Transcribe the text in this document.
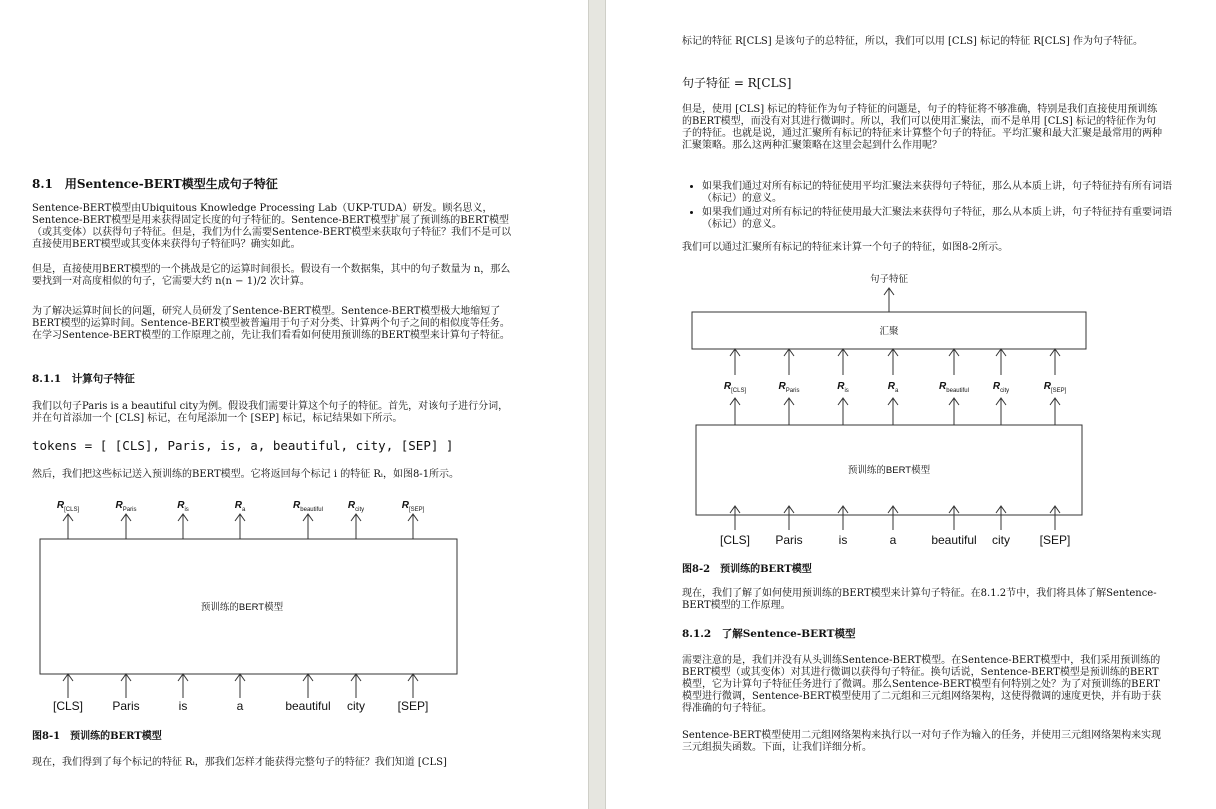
8.1　用Sentence-BERT模型生成句子特征

Sentence-BERT模型由Ubiquitous Knowledge Processing Lab（UKP-TUDA）研发。顾名思义，Sentence-BERT模型是用来获得固定长度的句子特征的。Sentence-BERT模型扩展了预训练的BERT模型（或其变体）以获得句子特征。但是，我们为什么需要Sentence-BERT模型来获取句子特征？我们不是可以直接使用BERT模型或其变体来获得句子特征吗？确实如此。

但是，直接使用BERT模型的一个挑战是它的运算时间很长。假设有一个数据集，其中的句子数量为 n，那么要找到一对高度相似的句子，它需要大约 n(n − 1)/2 次计算。

为了解决运算时间长的问题，研究人员研发了Sentence-BERT模型。Sentence-BERT模型极大地缩短了BERT模型的运算时间。Sentence-BERT模型被普遍用于句子对分类、计算两个句子之间的相似度等任务。在学习Sentence-BERT模型的工作原理之前，先让我们看看如何使用预训练的BERT模型来计算句子特征。

8.1.1　计算句子特征

我们以句子Paris is a beautiful city为例。假设我们需要计算这个句子的特征。首先，对该句子进行分词，并在句首添加一个 [CLS] 标记，在句尾添加一个 [SEP] 标记，标记结果如下所示。

tokens = [ [CLS], Paris, is, a, beautiful, city, [SEP] ]

然后，我们把这些标记送入预训练的BERT模型。它将返回每个标记 i 的特征 Rᵢ，如图8-1所示。

预训练的BERT模型
$R_{[CLS]}$	$R_{Paris}$	$R_{is}$	$R_a$	$R_{beautiful}$ $R_{city}$	$R_{[SEP]}$
[CLS] Paris	is	a	beautiful city	[SEP]

图8-1　预训练的BERT模型

现在，我们得到了每个标记的特征 Rᵢ，那我们怎样才能获得完整句子的特征？我们知道 [CLS]

标记的特征 R[CLS] 是该句子的总特征，所以，我们可以用 [CLS] 标记的特征 R[CLS] 作为句子特征。

句子特征 = R[CLS]

但是，使用 [CLS] 标记的特征作为句子特征的问题是，句子的特征将不够准确，特别是我们直接使用预训练的BERT模型，而没有对其进行微调时。所以，我们可以使用汇聚法，而不是单用 [CLS] 标记的特征作为句子的特征。也就是说，通过汇聚所有标记的特征来计算整个句子的特征。平均汇聚和最大汇聚是最常用的两种汇聚策略。那么这两种汇聚策略在这里会起到什么作用呢？

• 如果我们通过对所有标记的特征使用平均汇聚法来获得句子特征，那么从本质上讲，句子特征持有所有词语（标记）的意义。
• 如果我们通过对所有标记的特征使用最大汇聚法来获得句子特征，那么从本质上讲，句子特征持有重要词语（标记）的意义。

我们可以通过汇聚所有标记的特征来计算一个句子的特征，如图8-2所示。

句子特征
汇聚
$R_{[CLS]}$	$R_{Paris}$	$R_{is}$	$R_a$	$R_{beautiful}$ $R_{city}$	$R_{[SEP]}$
预训练的BERT模型
[CLS] Paris	is	a	beautiful city [SEP]

图8-2　预训练的BERT模型

现在，我们了解了如何使用预训练的BERT模型来计算句子特征。在8.1.2节中，我们将具体了解Sentence-BERT模型的工作原理。

8.1.2　了解Sentence-BERT模型

需要注意的是，我们并没有从头训练Sentence-BERT模型。在Sentence-BERT模型中，我们采用预训练的BERT模型（或其变体）对其进行微调以获得句子特征。换句话说，Sentence-BERT模型是预训练的BERT模型，它为计算句子特征任务进行了微调。那么Sentence-BERT模型有何特别之处？为了对预训练的BERT模型进行微调，Sentence-BERT模型使用了二元组和三元组网络架构，这使得微调的速度更快，并有助于获得准确的句子特征。

Sentence-BERT模型使用二元组网络架构来执行以一对句子作为输入的任务，并使用三元组网络架构来实现三元组损失函数。下面，让我们详细分析。
